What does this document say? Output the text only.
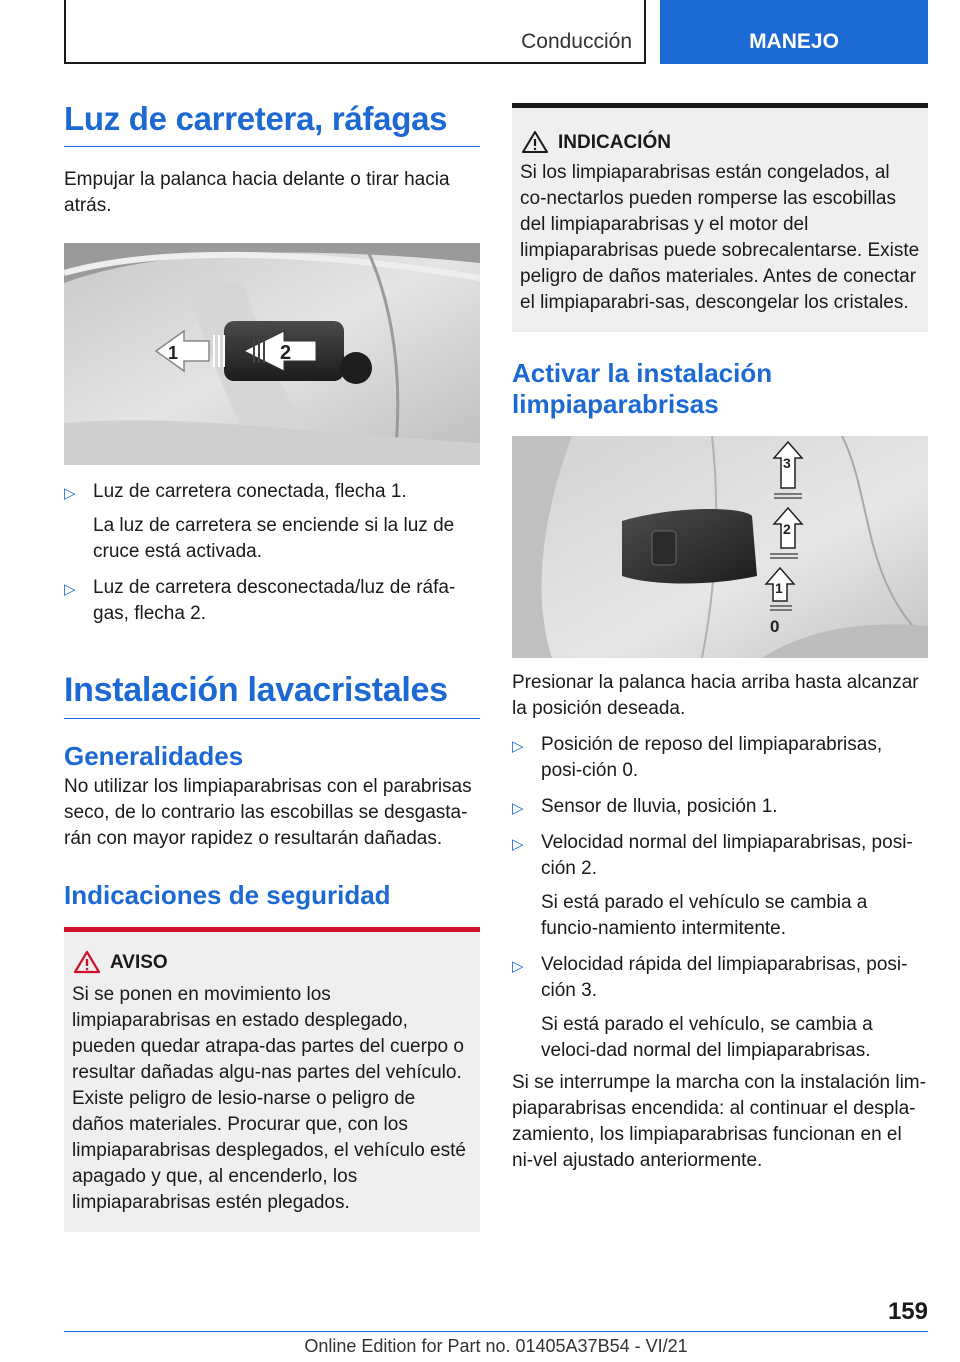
Conducción	MANEJO
Luz de carretera, ráfagas

Empujar la palanca hacia delante o tirar hacia atrás.

1	2
▷ Luz de carretera conectada, flecha 1.
La luz de carretera se enciende si la luz de cruce está activada.
▷ Luz de carretera desconectada/luz de ráfa‐gas, flecha 2.
Instalación lavacristales
Generalidades

No utilizar los limpiaparabrisas con el parabrisas seco, de lo contrario las escobillas se desgasta‐rán con mayor rapidez o resultarán dañadas.

Indicaciones de seguridad
AVISO

Si se ponen en movimiento los limpiaparabrisas en estado desplegado, pueden quedar atrapa‐das partes del cuerpo o resultar dañadas algu‐nas partes del vehículo. Existe peligro de lesio‐narse o peligro de daños materiales. Procurar que, con los limpiaparabrisas desplegados, el vehículo esté apagado y que, al encenderlo, los limpiaparabrisas estén plegados.

INDICACIÓN

Si los limpiaparabrisas están congelados, al co‐nectarlos pueden romperse las escobillas del limpiaparabrisas y el motor del limpiaparabrisas puede sobrecalentarse. Existe peligro de daños materiales. Antes de conectar el limpiaparabri‐sas, descongelar los cristales.

Activar la instalación limpiaparabrisas
3
2
1
0

Presionar la palanca hacia arriba hasta alcanzar la posición deseada.

▷ Posición de reposo del limpiaparabrisas, posi‐ción 0.
▷ Sensor de lluvia, posición 1.
▷ Velocidad normal del limpiaparabrisas, posi‐ción 2.
Si está parado el vehículo se cambia a funcio‐namiento intermitente.
▷ Velocidad rápida del limpiaparabrisas, posi‐ción 3.
Si está parado el vehículo, se cambia a veloci‐dad normal del limpiaparabrisas.

Si se interrumpe la marcha con la instalación lim‐piaparabrisas encendida: al continuar el despla‐zamiento, los limpiaparabrisas funcionan en el ni‐vel ajustado anteriormente.

159
Online Edition for Part no. 01405A37B54 - VI/21
